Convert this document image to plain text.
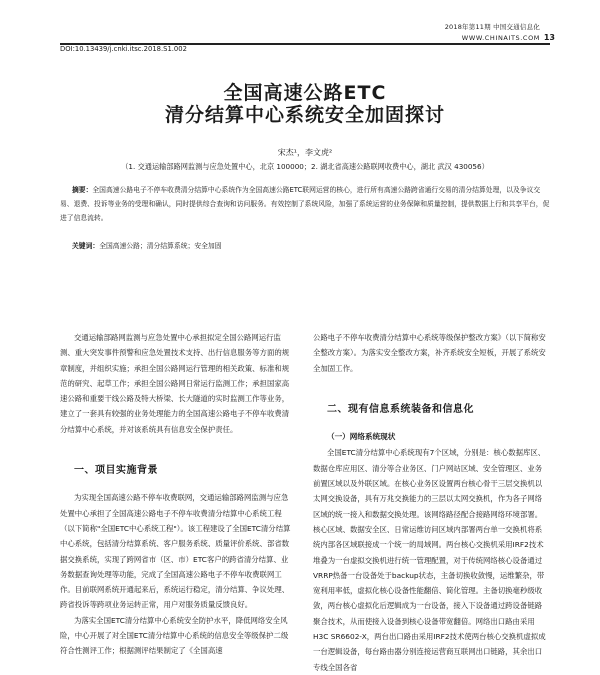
2018年第11期 中国交通信息化
WWW.CHINAITS.COM 13
DOI:10.13439/j.cnki.itsc.2018.S1.002
全国高速公路ETC
清分结算中心系统安全加固探讨
宋杰¹，李文虎²
（1. 交通运输部路网监测与应急处置中心，北京 100000；2. 湖北省高速公路联网收费中心，湖北 武汉 430056）
摘要：全国高速公路电子不停车收费清分结算中心系统作为全国高速公路ETC联网运营的核心，进行所有高速公路跨省通行交易的清分结算处理，以及争议交易、退费、投诉等业务的受理和确认，同时提供综合查询和访问服务。有效控制了系统风险，加强了系统运营的业务保障和质量控制，提供数据上行和共享平台，促进了信息流转。
关键词：全国高速公路；清分结算系统；安全加固

交通运输部路网监测与应急处置中心承担拟定全国公路网运行监测、重大突发事件预警和应急处置技术支持、出行信息服务等方面的规章制度，并组织实施；承担全国公路网运行管理的相关政策、标准和规范的研究、起草工作；承担全国公路网日常运行监测工作；承担国家高速公路和重要干线公路及特大桥梁、长大隧道的实时监测工作等业务，建立了一套具有较强的业务处理能力的全国高速公路电子不停车收费清分结算中心系统，并对该系统具有信息安全保护责任。

一、项目实施背景

为实现全国高速公路不停车收费联网，交通运输部路网监测与应急处置中心承担了全国高速公路电子不停车收费清分结算中心系统工程（以下简称"全国ETC中心系统工程"）。该工程建设了全国ETC清分结算中心系统，包括清分结算系统、客户服务系统、质量评价系统、部省数据交换系统，实现了跨网省市（区、市）ETC客户的跨省清分结算、业务数据查询处理等功能，完成了全国高速公路电子不停车收费联网工作。目前联网系统开通起来后，系统运行稳定，清分结算、争议处理、跨省投诉等跨项业务运转正常，用户对服务质量反馈良好。

为落实全国ETC清分结算中心系统安全防护水平，降低网络安全风险，中心开展了对全国ETC清分结算中心系统的信息安全等级保护二级符合性测评工作；根据测评结果制定了《全国高速

公路电子不停车收费清分结算中心系统等级保护整改方案》（以下简称安全整改方案）。为落实安全整改方案，补齐系统安全短板，开展了系统安全加固工作。

二、现有信息系统装备和信息化
（一）网络系统现状

全国ETC清分结算中心系统现有7个区域，分别是：核心数据库区、数据仓库应用区、清分等合业务区、门户网站区域、安全管理区、业务前置区域以及外联区域。在核心业务区设置两台核心骨干三层交换机以太网交换设备，具有万兆交换能力的三层以太网交换机，作为各子网络区域的统一接入和数据交换处理。该网络路径配合接路网络环境部署。核心区域、数据安全区、日常运维访问区域内部署两台单一交换机将系统内部各区域联接成一个统一的局域网。两台核心交换机采用IRF2技术堆叠为一台虚拟交换机进行统一管理配置，对于传统网络核心设备通过VRRP热备一台设备处于backup状态，主备切换收敛慢，运维繁杂，带宽利用率低，虚拟化核心设备性能翻倍、简化管理。主备切换毫秒级收敛，两台核心虚拟化后逻辑成为一台设备，接入下设备通过跨设备链路聚合技术，从而使接入设备到核心设备带宽翻倍。网络出口路由采用H3C SR6602-X，两台出口路由采用IRF2技术使两台核心交换机虚拟成一台逻辑设备，每台路由器分别连接运营商互联网出口链路，其余出口专线全国各省
